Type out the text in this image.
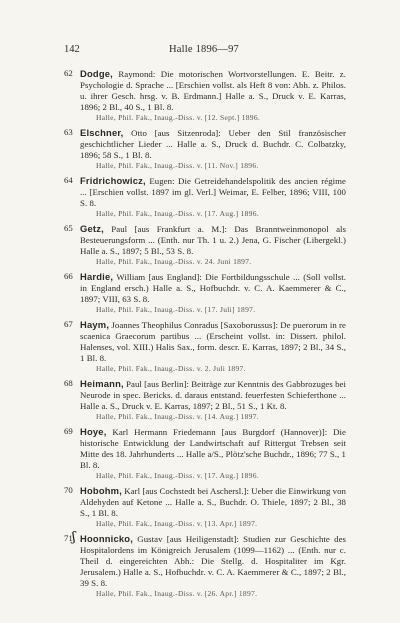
142	Halle 1896—97
62 Dodge, Raymond: Die motorischen Wortvorstellungen. E. Beitr. z. Psychologie d. Sprache ... [Erschien vollst. als Heft 8 von: Abh. z. Philos. u. ihrer Gesch. hrsg. v. B. Erdmann.] Halle a. S., Druck v. E. Karras, 1896; 2 Bl., 40 S., 1 Bl. 8.
Halle, Phil. Fak., Inaug.-Diss. v. [12. Sept.] 1896.
63 Elschner, Otto [aus Sitzenroda]: Ueber den Stil französischer geschichtlicher Lieder ... Halle a. S., Druck d. Buchdr. C. Colbatzky, 1896; 58 S., 1 Bl. 8.
Halle, Phil. Fak., Inaug.-Diss. v. [11. Nov.] 1896.
64 Fridrichowicz, Eugen: Die Getreidehandelspolitik des ancien régime ... [Erschien vollst. 1897 im gl. Verl.] Weimar, E. Felber, 1896; VIII, 100 S. 8.
Halle, Phil. Fak., Inaug.-Diss. v. [17. Aug.] 1896.
65 Getz, Paul [aus Frankfurt a. M.]: Das Branntweinmonopol als Besteuerungsform ... (Enth. nur Th. 1 u. 2.) Jena, G. Fischer (Libergekl.) Halle a. S., 1897; 5 Bl., 53 S. 8.
Halle, Phil. Fak., Inaug.-Diss. v. 24. Juni 1897.
66 Hardie, William [aus England]: Die Fortbildungsschule ... (Soll vollst. in England ersch.) Halle a. S., Hofbuchdr. v. C. A. Kaemmerer & C., 1897; VIII, 63 S. 8.
Halle, Phil. Fak., Inaug.-Diss. v. [17. Juli] 1897.
67 Haym, Joannes Theophilus Conradus [Saxoborussus]: De puerorum in re scaenica Graecorum partibus ... (Erscheint vollst. in: Dissert. philol. Halenses, vol. XIII.) Halis Sax., form. descr. E. Karras, 1897; 2 Bl., 34 S., 1 Bl. 8.
Halle, Phil. Fak., Inaug.-Diss. v. 2. Juli 1897.
68 Heimann, Paul [aus Berlin]: Beiträge zur Kenntnis des Gabbrozuges bei Neurode in spec. Bericks. d. daraus entstand. feuerfesten Schieferthone ... Halle a. S., Druck v. E. Karras, 1897; 2 Bl., 51 S., 1 Kt. 8.
Halle, Phil. Fak., Inaug.-Diss. v. [14. Aug.] 1897.
69 Hoye, Karl Hermann Friedemann [aus Burgdorf (Hannover)]: Die historische Entwicklung der Landwirtschaft auf Rittergut Trebsen seit Mitte des 18. Jahrhunderts ... Halle a/S., Plötz'sche Buchdr., 1896; 77 S., 1 Bl. 8.
Halle, Phil. Fak., Inaug.-Diss. v. [17. Aug.] 1896.
70 Hobohm, Karl [aus Cochstedt bei Aschersl.]: Ueber die Einwirkung von Aldehyden auf Ketone ... Halle a. S., Buchdr. O. Thiele, 1897; 2 Bl., 38 S., 1 Bl. 8.
Halle, Phil. Fak., Inaug.-Diss. v. [13. Apr.] 1897.
ʃ
71 Hoonnicko, Gustav [aus Heiligenstadt]: Studien zur Geschichte des Hospitalordens im Königreich Jerusalem (1099—1162) ... (Enth. nur c. Theil d. eingereichten Abh.: Die Stellg. d. Hospitaliter im Kgr. Jerusalem.) Halle a. S., Hofbuchdr. v. C. A. Kaemmerer & C., 1897; 2 Bl., 39 S. 8.
Halle, Phil. Fak., Inaug.-Diss. v. [26. Apr.] 1897.
